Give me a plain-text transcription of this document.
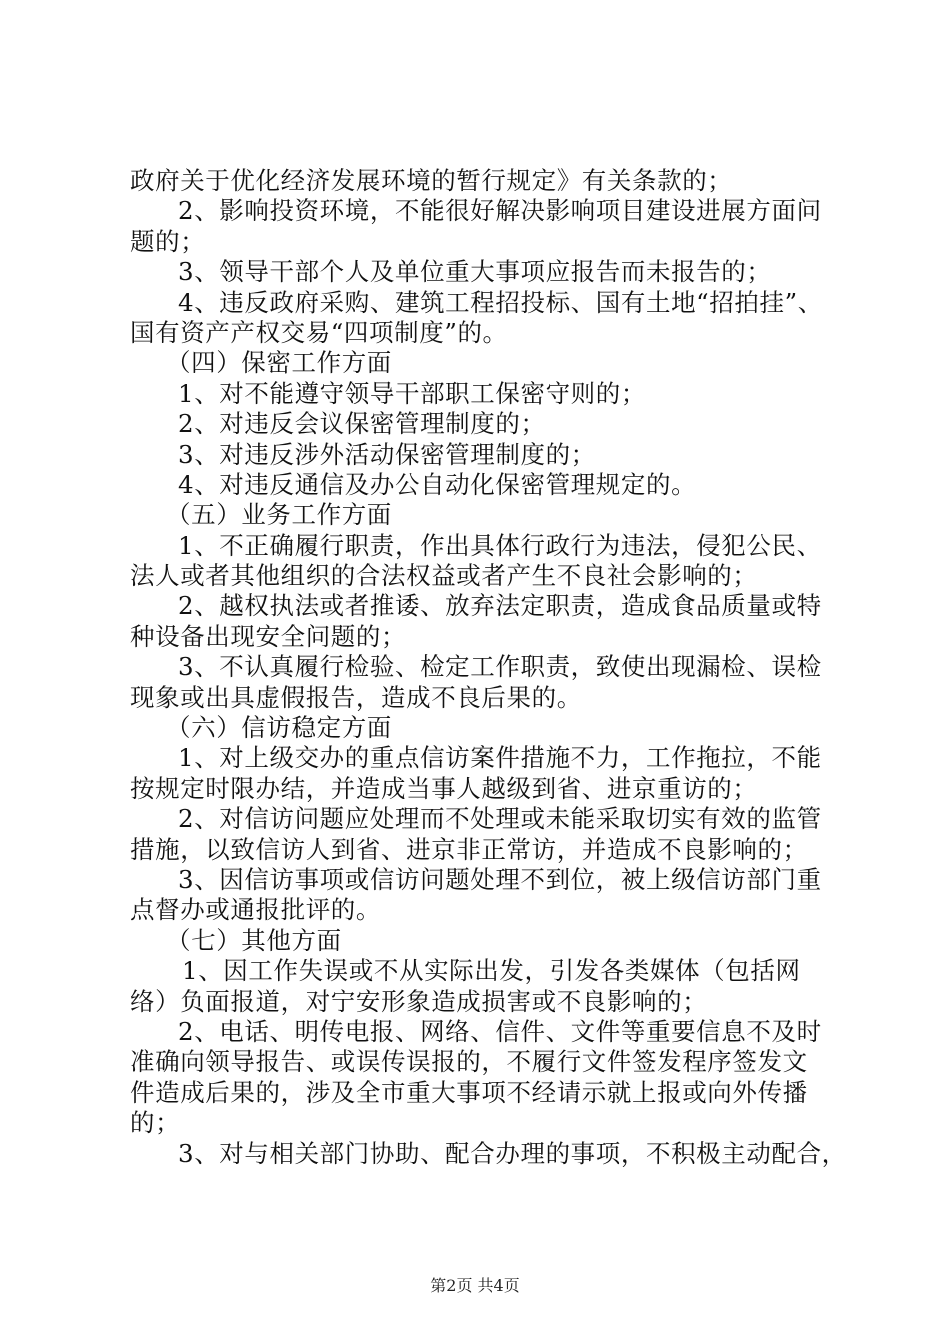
政府关于优化经济发展环境的暂行规定》有关条款的；
2、影响投资环境，不能很好解决影响项目建设进展方面问
题的；
3、领导干部个人及单位重大事项应报告而未报告的；
4、违反政府采购、建筑工程招投标、国有土地“招拍挂”、
国有资产产权交易“四项制度”的。
（四）保密工作方面
1、对不能遵守领导干部职工保密守则的；
2、对违反会议保密管理制度的；
3、对违反涉外活动保密管理制度的；
4、对违反通信及办公自动化保密管理规定的。
（五）业务工作方面
1、不正确履行职责，作出具体行政行为违法，侵犯公民、
法人或者其他组织的合法权益或者产生不良社会影响的；
2、越权执法或者推诿、放弃法定职责，造成食品质量或特
种设备出现安全问题的；
3、不认真履行检验、检定工作职责，致使出现漏检、误检
现象或出具虚假报告，造成不良后果的。
（六）信访稳定方面
1、对上级交办的重点信访案件措施不力，工作拖拉，不能
按规定时限办结，并造成当事人越级到省、进京重访的；
2、对信访问题应处理而不处理或未能采取切实有效的监管
措施，以致信访人到省、进京非正常访，并造成不良影响的；
3、因信访事项或信访问题处理不到位，被上级信访部门重
点督办或通报批评的。
（七）其他方面
1、因工作失误或不从实际出发，引发各类媒体（包括网
络）负面报道，对宁安形象造成损害或不良影响的；
2、电话、明传电报、网络、信件、文件等重要信息不及时
准确向领导报告、或误传误报的，不履行文件签发程序签发文
件造成后果的，涉及全市重大事项不经请示就上报或向外传播
的；
3、对与相关部门协助、配合办理的事项，不积极主动配合，
第2页 共4页
